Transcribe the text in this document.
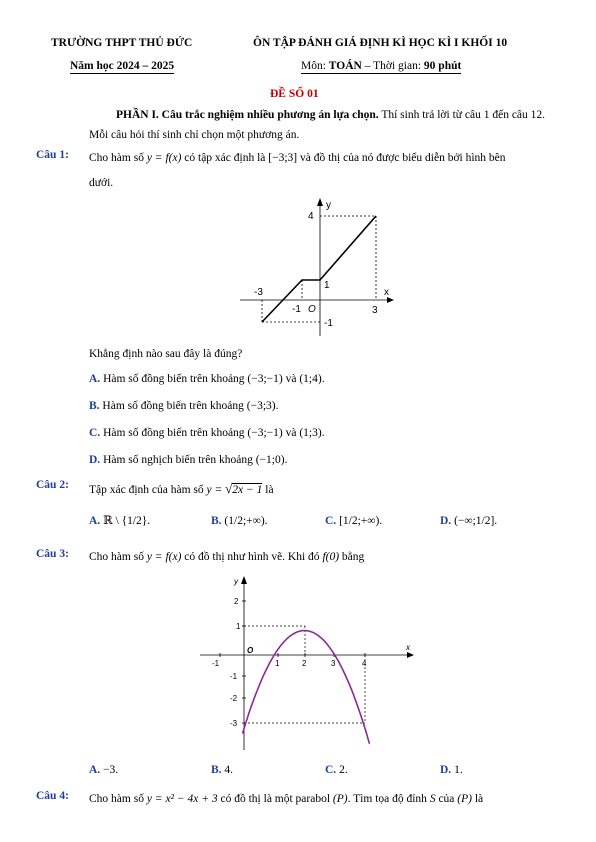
TRƯỜNG THPT THỦ ĐỨC
Năm học 2024 – 2025
ÔN TẬP ĐÁNH GIÁ ĐỊNH KÌ HỌC KÌ I KHỐI 10
Môn: TOÁN – Thời gian: 90 phút
ĐỀ SỐ 01
PHẦN I. Câu trắc nghiệm nhiều phương án lựa chọn. Thí sinh trả lời từ câu 1 đến câu 12.
Mỗi câu hỏi thí sinh chỉ chọn một phương án.
Câu 1: Cho hàm số y = f(x) có tập xác định là [−3;3] và đồ thị của nó được biểu diễn bởi hình bên
dưới.
y
4
1
x
-3
-1 O	3
-1
Khẳng định nào sau đây là đúng?
A. Hàm số đồng biến trên khoảng (−3;−1) và (1;4).
B. Hàm số đồng biến trên khoảng (−3;3).
C. Hàm số đồng biến trên khoảng (−3;−1) và (1;3).
D. Hàm số nghịch biến trên khoảng (−1;0).
Câu 2: Tập xác định của hàm số y = √2x − 1 là
A. ℝ \ {1/2}.	B. (1/2;+∞).	C. [1/2;+∞).	D. (−∞;1/2].
Câu 3: Cho hàm số y = f(x) có đồ thị như hình vẽ. Khi đó f(0) bằng
y
x
2
1
-1
-2
-3
-1
O
1	2	3	4
A. −3.	B. 4.	C. 2.	D. 1.
Câu 4: Cho hàm số y = x² − 4x + 3 có đồ thị là một parabol (P). Tìm tọa độ đỉnh S của (P) là
